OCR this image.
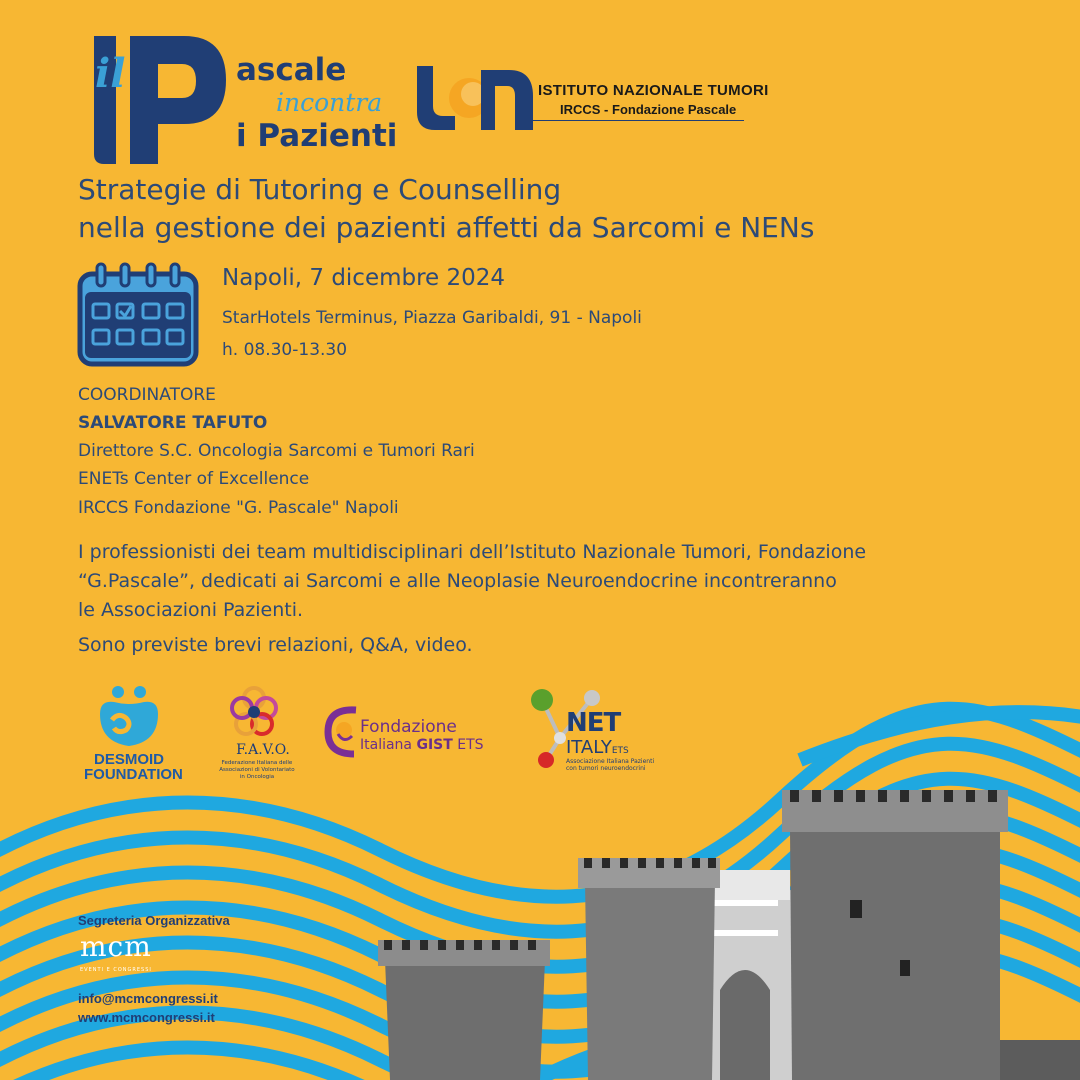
il	ascale
incontra
i Pazienti
ISTITUTO NAZIONALE TUMORI
IRCCS - Fondazione Pascale
Strategie di Tutoring e Counselling
nella gestione dei pazienti affetti da Sarcomi e NENs
Napoli, 7 dicembre 2024
StarHotels Terminus, Piazza Garibaldi, 91 - Napoli
h. 08.30-13.30
COORDINATORE
SALVATORE TAFUTO
Direttore S.C. Oncologia Sarcomi e Tumori Rari
ENETs Center of Excellence
IRCCS Fondazione "G. Pascale" Napoli
I professionisti dei team multidisciplinari dell’Istituto Nazionale Tumori, Fondazione
“G.Pascale”, dedicati ai Sarcomi e alle Neoplasie Neuroendocrine incontreranno
le Associazioni Pazienti.
Sono previste brevi relazioni, Q&A, video.
DESMOID
FOUNDATION
F.A.V.O.
Federazione Italiana delle
Associazioni di Volontariato
in Oncologia
Fondazione
Italiana GIST ETS
NET
ITALYETS
Associazione Italiana Pazienti
con tumori neuroendocrini
Segreteria Organizzativa
mcm
EVENTI E CONGRESSI
info@mcmcongressi.it
www.mcmcongressi.it
